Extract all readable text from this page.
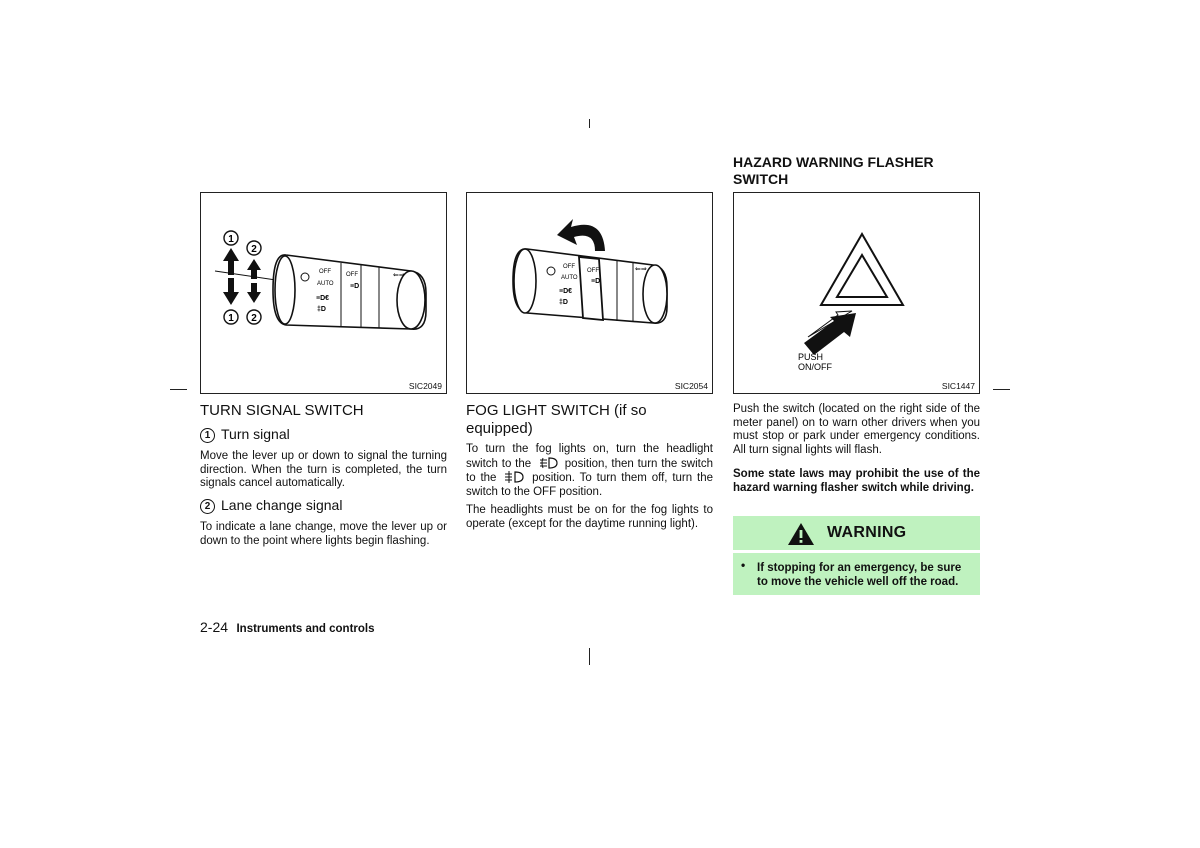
1
2
1 2
OFF
AUTO
OFF
≡D
≡D€
‡D
⇐⇒
SIC2049
TURN SIGNAL SWITCH
1 Turn signal
Move the lever up or down to signal the turning direction. When the turn is completed, the turn signals cancel automatically.
2 Lane change signal
To indicate a lane change, move the lever up or down to the point where lights begin flashing.
2-24 Instruments and controls
OFF
AUTO
OFF
≡D
≡D€
‡D
⇐⇒
SIC2054
FOG LIGHT SWITCH (if so
equipped)
To turn the fog lights on, turn the headlight switch to the	position, then turn the switch to the	position. To turn them off, turn the switch to the OFF position.
The headlights must be on for the fog lights to operate (except for the daytime running light).
HAZARD WARNING FLASHER
SWITCH
PUSH
ON/OFF
SIC1447
Push the switch (located on the right side of the meter panel) on to warn other drivers when you must stop or park under emergency conditions. All turn signal lights will flash.
Some state laws may prohibit the use of the hazard warning flasher switch while driving.
WARNING
• If stopping for an emergency, be sure to move the vehicle well off the road.
